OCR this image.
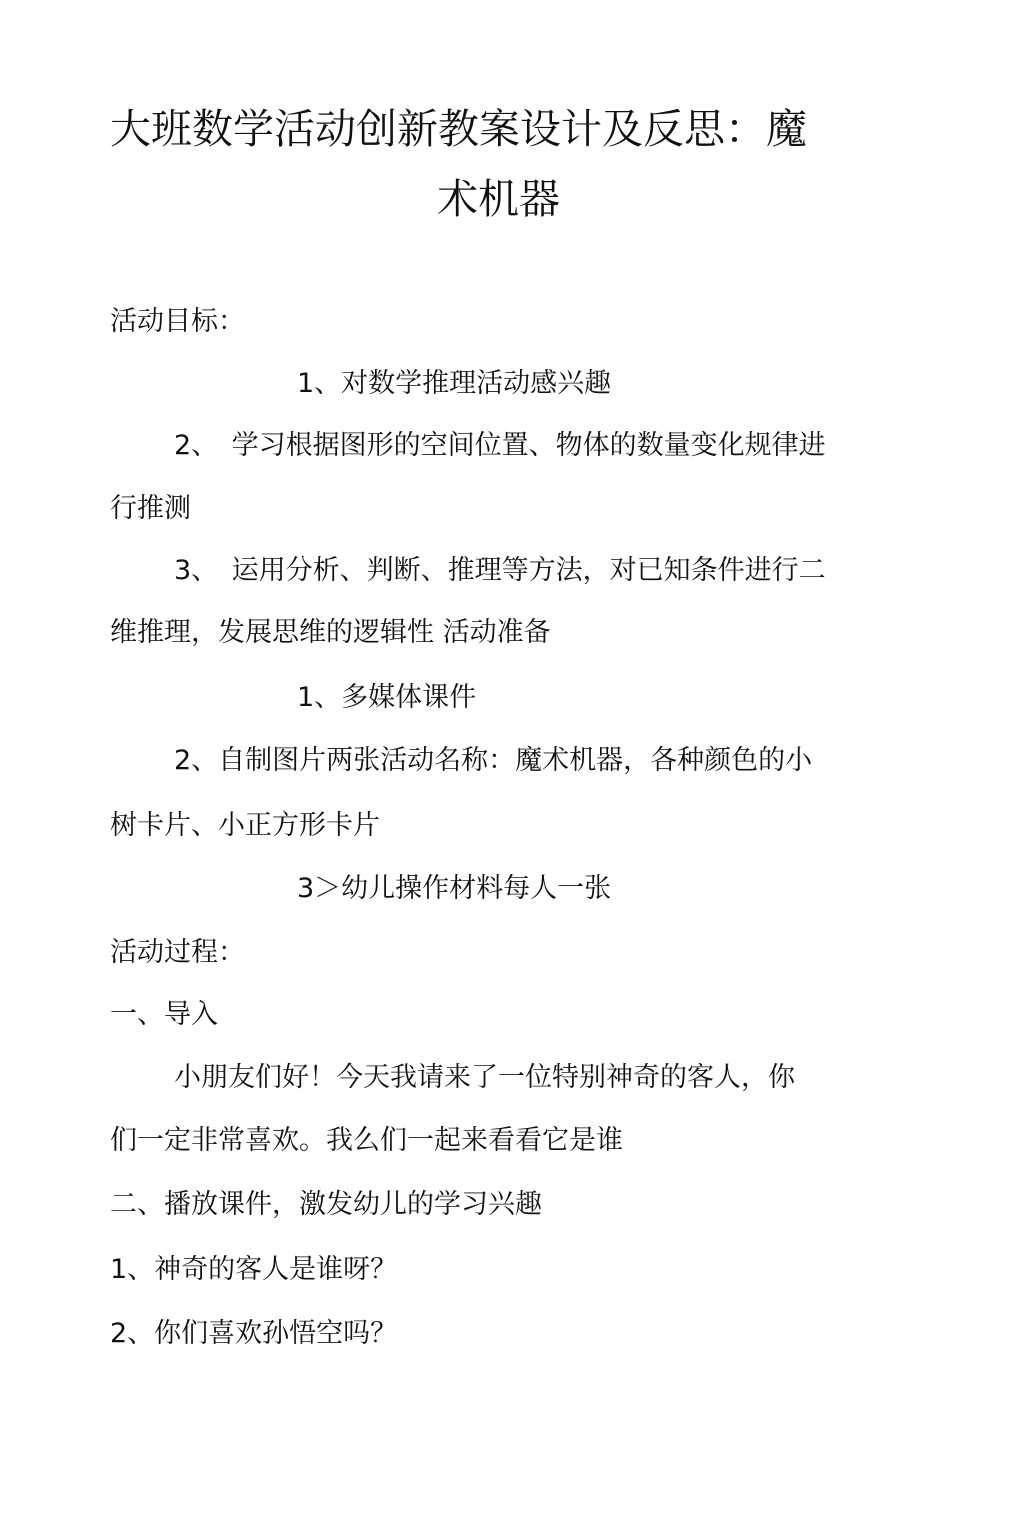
大班数学活动创新教案设计及反思：魔
术机器
活动目标：
1、对数学推理活动感兴趣
2、　学习根据图形的空间位置、物体的数量变化规律进
行推测
3、　运用分析、判断、推理等方法，对已知条件进行二
维推理，发展思维的逻辑性 活动准备
1、多媒体课件
2、自制图片两张活动名称：魔术机器，各种颜色的小
树卡片、小正方形卡片
3＞幼儿操作材料每人一张
活动过程：
一、导入
小朋友们好！今天我请来了一位特别神奇的客人，你
们一定非常喜欢。我么们一起来看看它是谁
二、播放课件，激发幼儿的学习兴趣
1、神奇的客人是谁呀？
2、你们喜欢孙悟空吗？
